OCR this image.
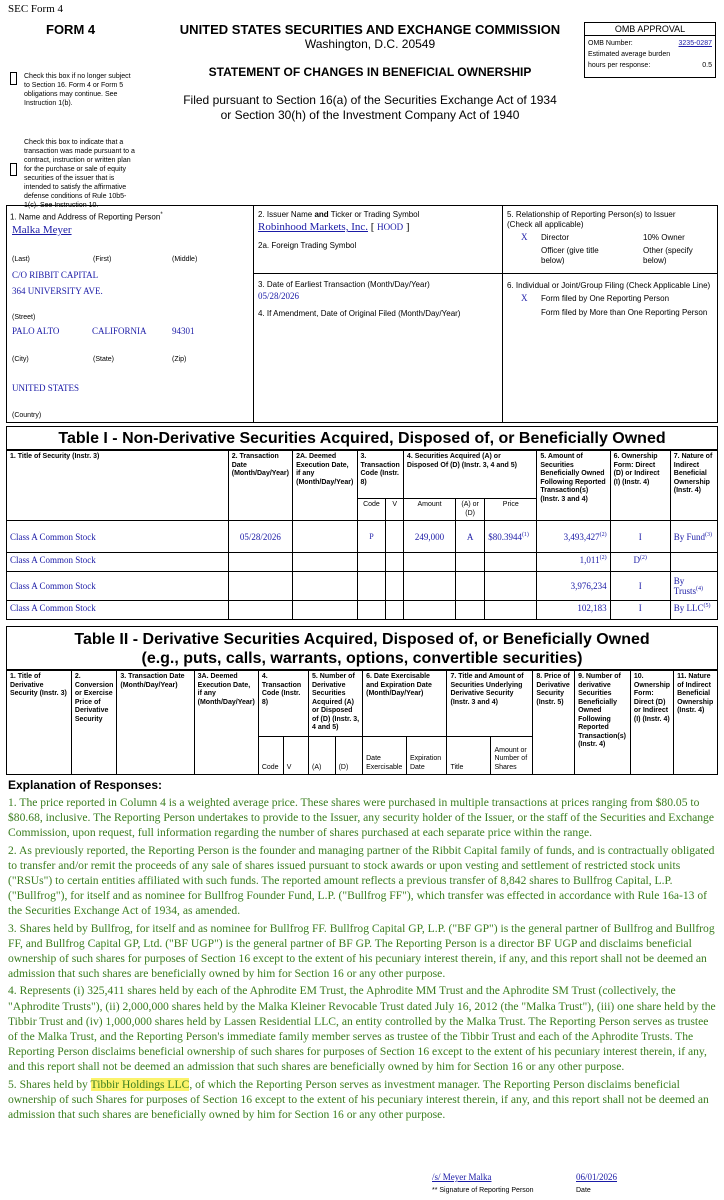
SEC Form 4
FORM 4	UNITED STATES SECURITIES AND EXCHANGE COMMISSION
Washington, D.C. 20549
STATEMENT OF CHANGES IN BENEFICIAL OWNERSHIP
Filed pursuant to Section 16(a) of the Securities Exchange Act of 1934
or Section 30(h) of the Investment Company Act of 1940
Check this box if no longer subject to Section 16. Form 4 or Form 5 obligations may continue. See Instruction 1(b).
Check this box to indicate that a transaction was made pursuant to a contract, instruction or written plan for the purchase or sale of equity securities of the issuer that is intended to satisfy the affirmative defense conditions of Rule 10b5-1(c). See Instruction 10.
OMB APPROVAL
OMB Number:	3235-0287
Estimated average burden
hours per response:	0.5
1. Name and Address of Reporting Person*
Malka Meyer
(Last)	(First)	(Middle)
C/O RIBBIT CAPITAL
364 UNIVERSITY AVE.
(Street)
PALO ALTO	CALIFORNIA	94301
(City)	(State)	(Zip)
UNITED STATES
(Country)
2. Issuer Name and Ticker or Trading Symbol
Robinhood Markets, Inc. [ HOOD ]
2a. Foreign Trading Symbol
3. Date of Earliest Transaction (Month/Day/Year)
05/28/2026
4. If Amendment, Date of Original Filed (Month/Day/Year)
5. Relationship of Reporting Person(s) to Issuer
(Check all applicable)
X Director	10% Owner
Officer (give title below)
Other (specify below)
6. Individual or Joint/Group Filing (Check Applicable Line)
X Form filed by One Reporting Person
Form filed by More than One Reporting Person
Table I - Non-Derivative Securities Acquired, Disposed of, or Beneficially Owned
1. Title of Security (Instr. 3)	2. Transaction Date (Month/Day/Year)	2A. Deemed Execution Date, if any (Month/Day/Year)	3. Transaction Code (Instr. 8)		4. Securities Acquired (A) or Disposed Of (D) (Instr. 3, 4 and 5)			5. Amount of Securities Beneficially Owned Following Reported Transaction(s) (Instr. 3 and 4)	6. Ownership Form: Direct (D) or Indirect (I) (Instr. 4)	7. Nature of Indirect Beneficial Ownership (Instr. 4)
			Code	V	Amount	(A) or (D)	Price			
Class A Common Stock	05/28/2026		P		249,000	A	$80.3944$^{(1)}$	3,493,427$^{(2)}$	I	By Fund$^{(3)}$
Class A Common Stock								1,011$^{(2)}$	$D^{(2)}$	
Class A Common Stock								3,976,234	I	By Trusts$^{(4)}$
Class A Common Stock								102,183	I	By LLC$^{(5)}$
Table II - Derivative Securities Acquired, Disposed of, or Beneficially Owned
(e.g., puts, calls, warrants, options, convertible securities)
1. Title of Derivative Security (Instr. 3)	2. Conversion or Exercise Price of Derivative Security	3. Transaction Date (Month/Day/Year)	3A. Deemed Execution Date, if any (Month/Day/Year)	4. Transaction Code (Instr. 8)		5. Number of Derivative Securities Acquired (A) or Disposed of (D) (Instr. 3, 4 and 5)		6. Date Exercisable and Expiration Date (Month/Day/Year)		7. Title and Amount of Securities Underlying Derivative Security (Instr. 3 and 4)		8. Price of Derivative Security (Instr. 5)	9. Number of derivative Securities Beneficially Owned Following Reported Transaction(s) (Instr. 4)	10. Ownership Form: Direct (D) or Indirect (I) (Instr. 4)	11. Nature of Indirect Beneficial Ownership (Instr. 4)
				Code	V	(A)	(D)	Date Exercisable	Expiration Date	Title	Amount or Number of Shares				
Explanation of Responses:

1. The price reported in Column 4 is a weighted average price. These shares were purchased in multiple transactions at prices ranging from $80.05 to $80.68, inclusive. The Reporting Person undertakes to provide to the Issuer, any security holder of the Issuer, or the staff of the Securities and Exchange Commission, upon request, full information regarding the number of shares purchased at each separate price within the range.

2. As previously reported, the Reporting Person is the founder and managing partner of the Ribbit Capital family of funds, and is contractually obligated to transfer and/or remit the proceeds of any sale of shares issued pursuant to stock awards or upon vesting and settlement of restricted stock units ("RSUs") to certain entities affiliated with such funds. The reported amount reflects a previous transfer of 8,842 shares to Bullfrog Capital, L.P. ("Bullfrog"), for itself and as nominee for Bullfrog Founder Fund, L.P. ("Bullfrog FF"), which transfer was effected in accordance with Rule 16a-13 of the Securities Exchange Act of 1934, as amended.

3. Shares held by Bullfrog, for itself and as nominee for Bullfrog FF. Bullfrog Capital GP, L.P. ("BF GP") is the general partner of Bullfrog and Bullfrog FF, and Bullfrog Capital GP, Ltd. ("BF UGP") is the general partner of BF GP. The Reporting Person is a director BF UGP and disclaims beneficial ownership of such shares for purposes of Section 16 except to the extent of his pecuniary interest therein, if any, and this report shall not be deemed an admission that such shares are beneficially owned by him for Section 16 or any other purpose.

4. Represents (i) 325,411 shares held by each of the Aphrodite EM Trust, the Aphrodite MM Trust and the Aphrodite SM Trust (collectively, the "Aphrodite Trusts"), (ii) 2,000,000 shares held by the Malka Kleiner Revocable Trust dated July 16, 2012 (the "Malka Trust"), (iii) one share held by the Tibbir Trust and (iv) 1,000,000 shares held by Lassen Residential LLC, an entity controlled by the Malka Trust. The Reporting Person serves as trustee of the Malka Trust, and the Reporting Person's immediate family member serves as trustee of the Tibbir Trust and each of the Aphrodite Trusts. The Reporting Person disclaims beneficial ownership of such shares for purposes of Section 16 except to the extent of his pecuniary interest therein, if any, and this report shall not be deemed an admission that such shares are beneficially owned by him for Section 16 or any other purpose.

5. Shares held by Tibbir Holdings LLC, of which the Reporting Person serves as investment manager. The Reporting Person disclaims beneficial ownership of such Shares for purposes of Section 16 except to the extent of his pecuniary interest therein, if any, and this report shall not be deemed an admission that such shares are beneficially owned by him for Section 16 or any other purpose.

/s/ Meyer Malka	06/01/2026
** Signature of Reporting Person	Date
